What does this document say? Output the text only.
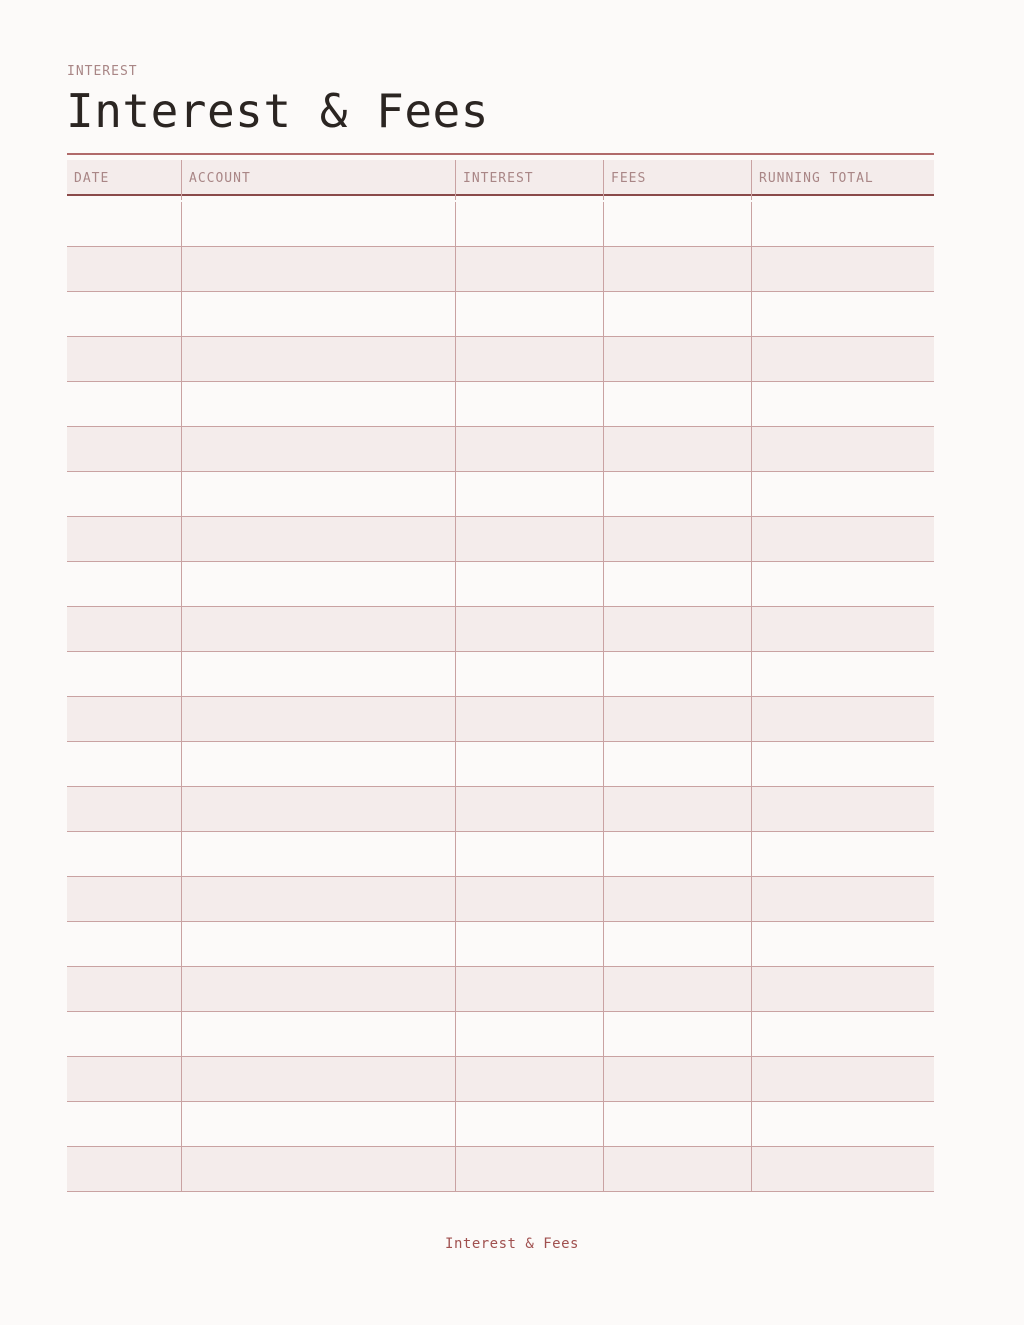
INTEREST
Interest & Fees
DATE	ACCOUNT	INTEREST	FEES	RUNNING TOTAL
Interest & Fees
